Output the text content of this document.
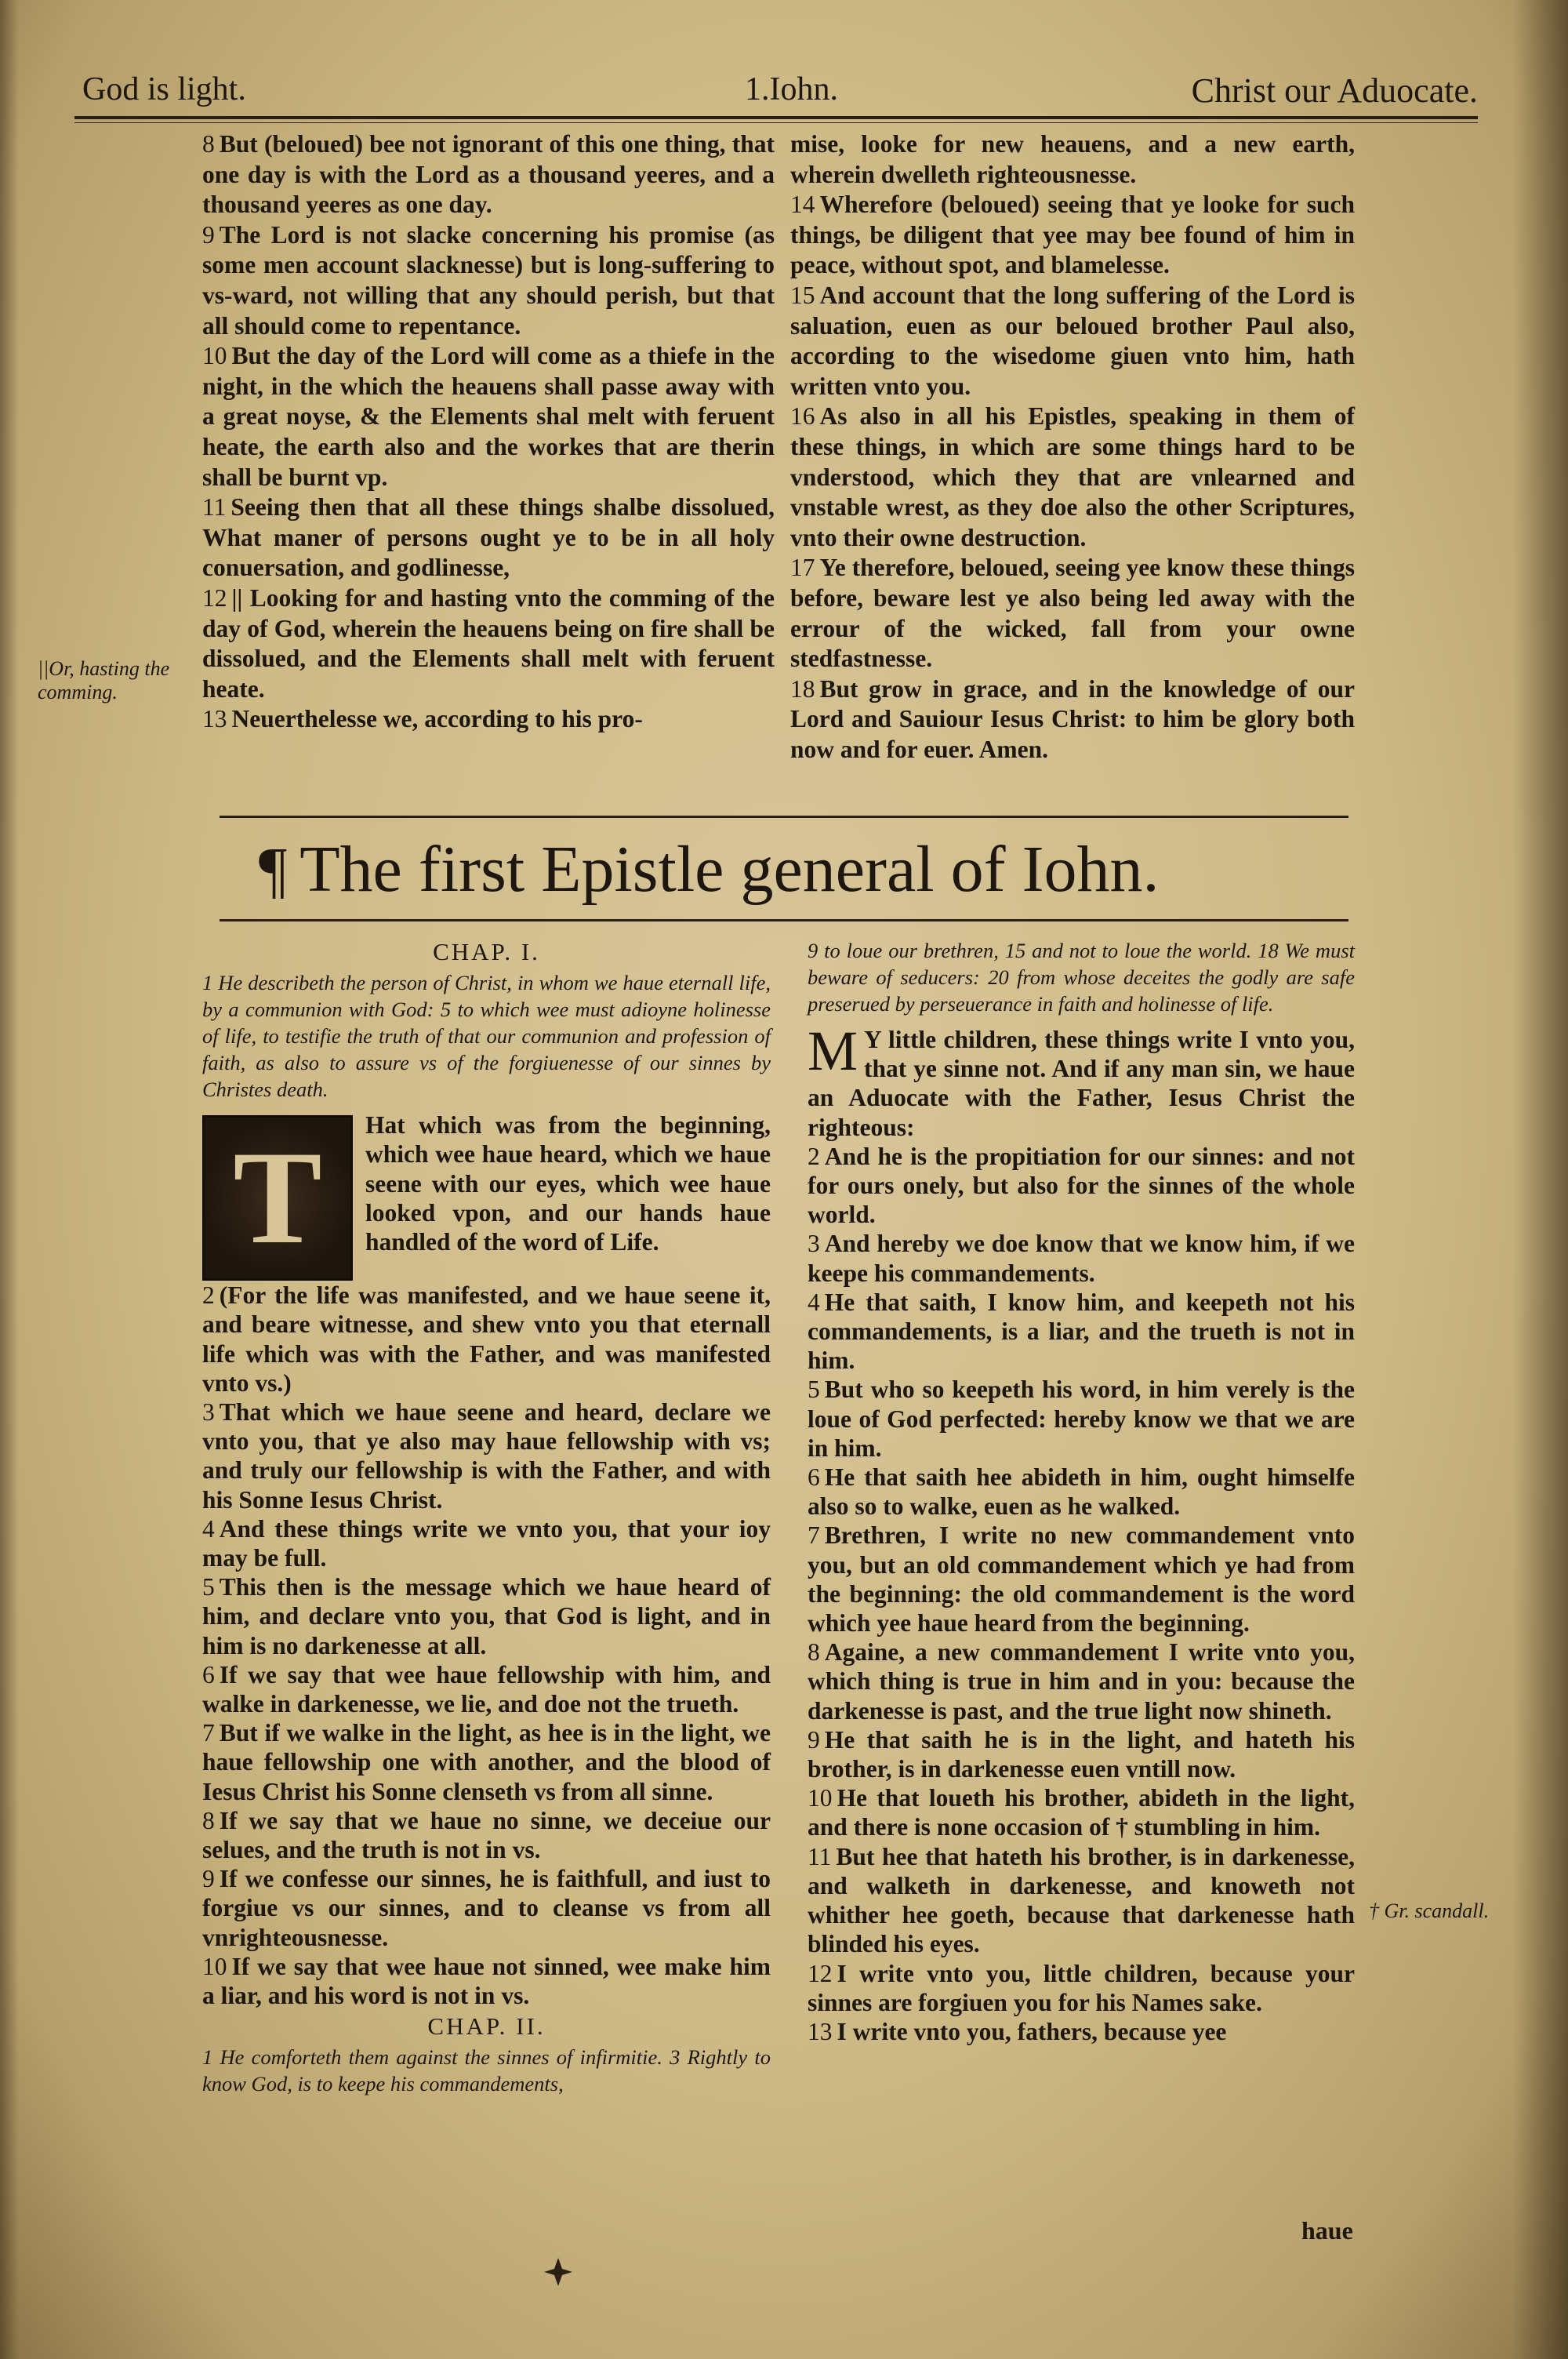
God is light.	1.Iohn.	Christ our Aduocate.

8 But (beloued) bee not ignorant of this one thing, that one day is with the Lord as a thousand yeeres, and a thousand yeeres as one day.

9 The Lord is not slacke concerning his promise (as some men account slacknesse) but is long-suffering to vs-ward, not willing that any should perish, but that all should come to repentance.

10 But the day of the Lord will come as a thiefe in the night, in the which the heauens shall passe away with a great noyse, & the Elements shal melt with feruent heate, the earth also and the workes that are therin shall be burnt vp.

11 Seeing then that all these things shalbe dissolued, What maner of persons ought ye to be in all holy conuersation, and godlinesse,

12 || Looking for and hasting vnto the comming of the day of God, wherein the heauens being on fire shall be dissolued, and the Elements shall melt with feruent heate.

13 Neuerthelesse we, according to his pro-

mise, looke for new heauens, and a new earth, wherein dwelleth righteousnesse.

14 Wherefore (beloued) seeing that ye looke for such things, be diligent that yee may bee found of him in peace, without spot, and blamelesse.

15 And account that the long suffering of the Lord is saluation, euen as our beloued brother Paul also, according to the wisedome giuen vnto him, hath written vnto you.

16 As also in all his Epistles, speaking in them of these things, in which are some things hard to be vnderstood, which they that are vnlearned and vnstable wrest, as they doe also the other Scriptures, vnto their owne destruction.

17 Ye therefore, beloued, seeing yee know these things before, beware lest ye also being led away with the errour of the wicked, fall from your owne stedfastnesse.

18 But grow in grace, and in the knowledge of our Lord and Sauiour Iesus Christ: to him be glory both now and for euer. Amen.

||Or, hasting the comming.
¶ The first Epistle general of Iohn.

CHAP. I.

1 He describeth the person of Christ, in whom we haue eternall life, by a communion with God: 5 to which wee must adioyne holinesse of life, to testifie the truth of that our communion and profession of faith, as also to assure vs of the forgiuenesse of our sinnes by Christes death.

T	Hat which was from the beginning, which wee haue heard, which we haue seene with our eyes, which wee haue looked vpon, and our hands haue handled of the word of Life.

2 (For the life was manifested, and we haue seene it, and beare witnesse, and shew vnto you that eternall life which was with the Father, and was manifested vnto vs.)

3 That which we haue seene and heard, declare we vnto you, that ye also may haue fellowship with vs; and truly our fellowship is with the Father, and with his Sonne Iesus Christ.

4 And these things write we vnto you, that your ioy may be full.

5 This then is the message which we haue heard of him, and declare vnto you, that God is light, and in him is no darkenesse at all.

6 If we say that wee haue fellowship with him, and walke in darkenesse, we lie, and doe not the trueth.

7 But if we walke in the light, as hee is in the light, we haue fellowship one with another, and the blood of Iesus Christ his Sonne clenseth vs from all sinne.

8 If we say that we haue no sinne, we deceiue our selues, and the truth is not in vs.

9 If we confesse our sinnes, he is faithfull, and iust to forgiue vs our sinnes, and to cleanse vs from all vnrighteousnesse.

10 If we say that wee haue not sinned, wee make him a liar, and his word is not in vs.

CHAP. II.

1 He comforteth them against the sinnes of infirmitie. 3 Rightly to know God, is to keepe his commandements,

9 to loue our brethren, 15 and not to loue the world. 18 We must beware of seducers: 20 from whose deceites the godly are safe preserued by perseuerance in faith and holinesse of life.

M Y little children, these things write I vnto you, that ye sinne not. And if any man sin, we haue an Aduocate with the Father, Iesus Christ the righteous:

2 And he is the propitiation for our sinnes: and not for ours onely, but also for the sinnes of the whole world.

3 And hereby we doe know that we know him, if we keepe his commandements.

4 He that saith, I know him, and keepeth not his commandements, is a liar, and the trueth is not in him.

5 But who so keepeth his word, in him verely is the loue of God perfected: hereby know we that we are in him.

6 He that saith hee abideth in him, ought himselfe also so to walke, euen as he walked.

7 Brethren, I write no new commandement vnto you, but an old commandement which ye had from the beginning: the old commandement is the word which yee haue heard from the beginning.

8 Againe, a new commandement I write vnto you, which thing is true in him and in you: because the darkenesse is past, and the true light now shineth.

9 He that saith he is in the light, and hateth his brother, is in darkenesse euen vntill now.

10 He that loueth his brother, abideth in the light, and there is none occasion of † stumbling in him.

11 But hee that hateth his brother, is in darkenesse, and walketh in darkenesse, and knoweth not whither hee goeth, because that darkenesse hath blinded his eyes.

12 I write vnto you, little children, because your sinnes are forgiuen you for his Names sake.

13 I write vnto you, fathers, because yee

† Gr. scandall.
haue
